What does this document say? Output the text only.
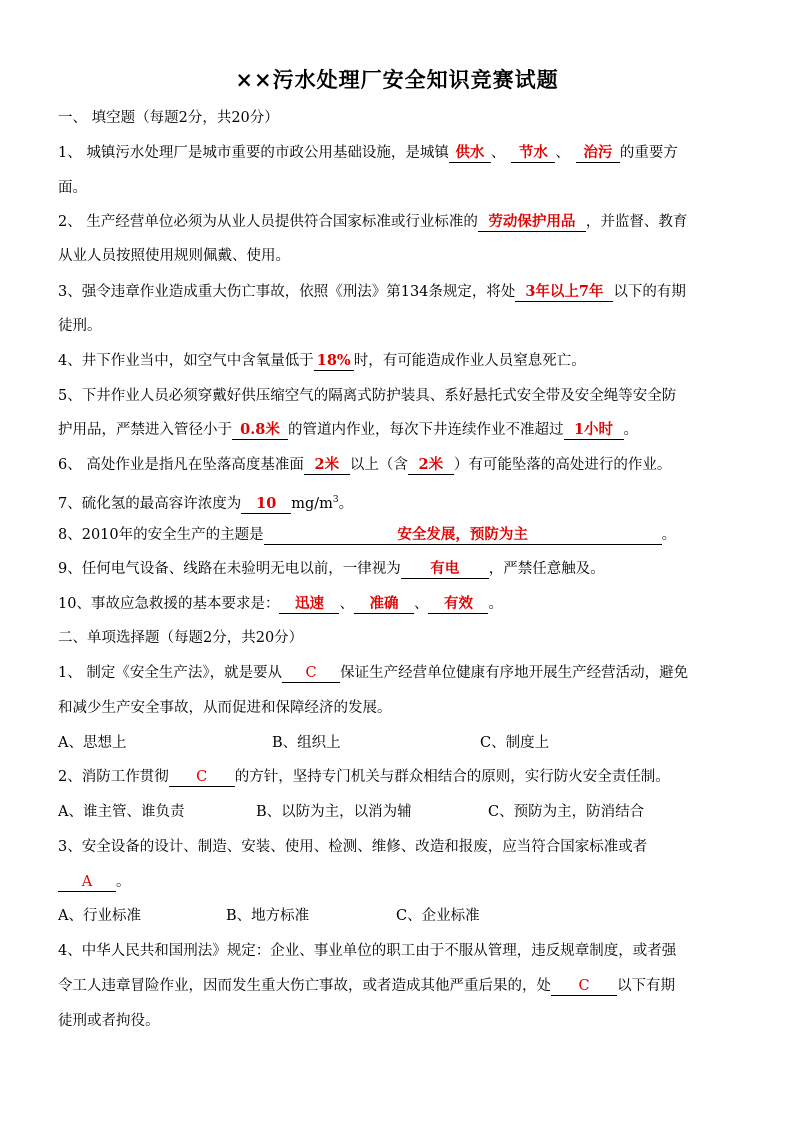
××污水处理厂安全知识竞赛试题
一、 填空题（每题2分，共20分）
1、 城镇污水处理厂是城市重要的市政公用基础设施，是城镇 供水 、 节水 、 治污 的重要方
面。
2、 生产经营单位必须为从业人员提供符合国家标准或行业标准的 劳动保护用品 ，并监督、教育
从业人员按照使用规则佩戴、使用。
3、强令违章作业造成重大伤亡事故，依照《刑法》第134条规定，将处 3年以上7年 以下的有期
徒刑。
4、井下作业当中，如空气中含氧量低于 18% 时，有可能造成作业人员窒息死亡。
5、下井作业人员必须穿戴好供压缩空气的隔离式防护装具、系好悬托式安全带及安全绳等安全防
护用品，严禁进入管径小于 0.8米 的管道内作业，每次下井连续作业不准超过 1小时 。
6、 高处作业是指凡在坠落高度基准面 2米 以上（含 2米 ）有可能坠落的高处进行的作业。
7、硫化氢的最高容许浓度为 10 $mg/m^3$。
8、2010年的安全生产的主题是	安全发展，预防为主	。
9、任何电气设备、线路在未验明无电以前，一律视为 有电 ，严禁任意触及。
10、事故应急救援的基本要求是： 迅速 、 准确 、 有效 。
二、单项选择题（每题2分，共20分）
1、 制定《安全生产法》，就是要从 C 保证生产经营单位健康有序地开展生产经营活动，避免
和减少生产安全事故，从而促进和保障经济的发展。
A、思想上	B、组织上	C、制度上
2、消防工作贯彻 C 的方针，坚持专门机关与群众相结合的原则，实行防火安全责任制。
A、谁主管、谁负责	B、以防为主，以消为辅	C、预防为主，防消结合
3、安全设备的设计、制造、安装、使用、检测、维修、改造和报废，应当符合国家标准或者
A 。
A、行业标准	B、地方标准	C、企业标准
4、中华人民共和国刑法》规定：企业、事业单位的职工由于不服从管理，违反规章制度，或者强
令工人违章冒险作业，因而发生重大伤亡事故，或者造成其他严重后果的，处 C 以下有期
徒刑或者拘役。
